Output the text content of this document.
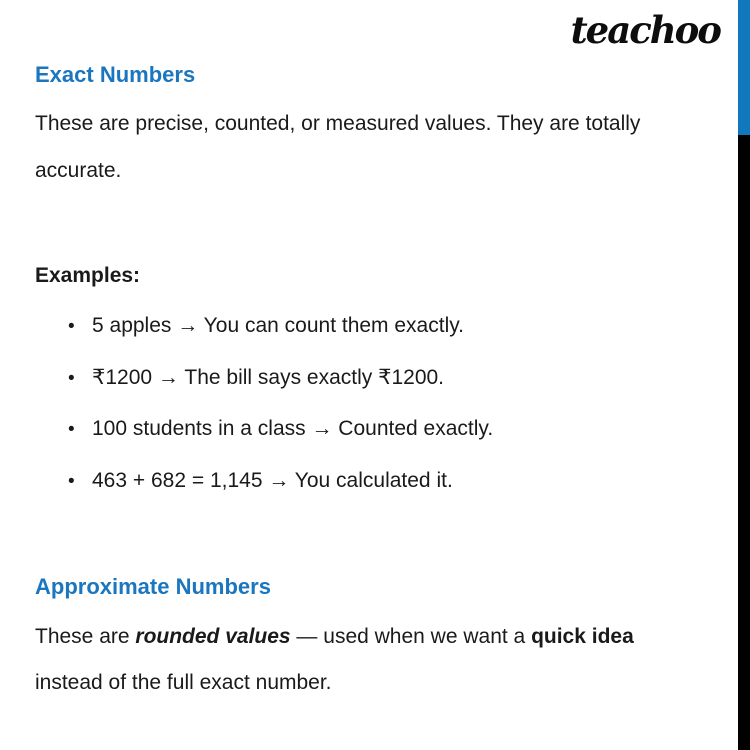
teachoo
Exact Numbers
These are precise, counted, or measured values. They are totally
accurate.
Examples:
• 5 apples → You can count them exactly.
• ₹1200 → The bill says exactly ₹1200.
• 100 students in a class → Counted exactly.
• 463 + 682 = 1,145 → You calculated it.
Approximate Numbers
These are rounded values — used when we want a quick idea
instead of the full exact number.
